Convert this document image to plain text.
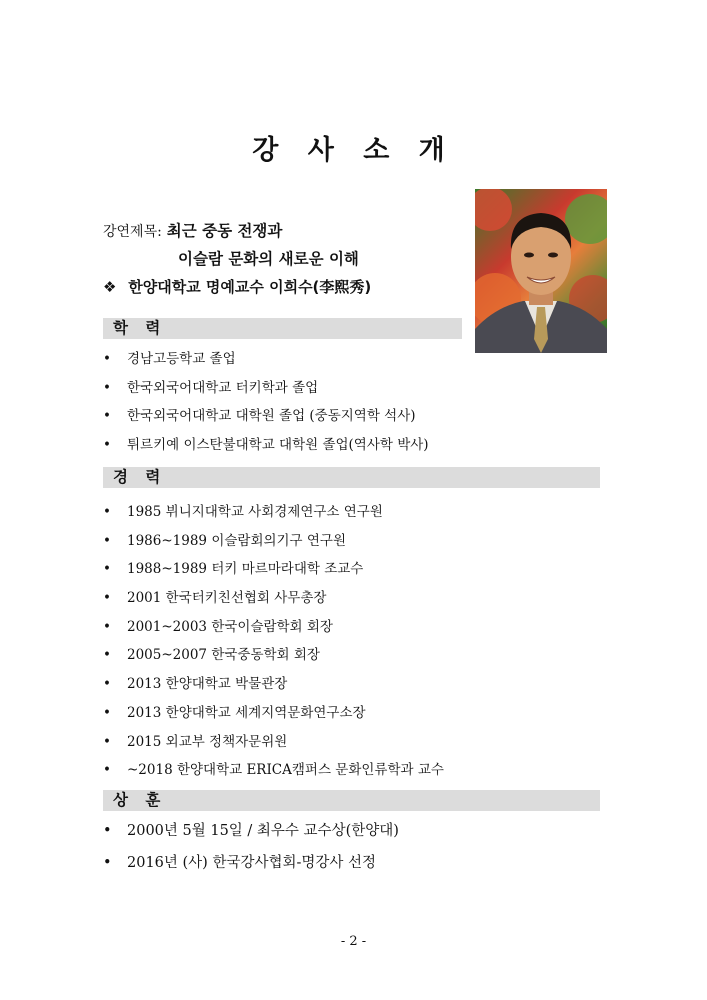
강 사 소 개
강연제목: 최근 중동 전쟁과
이슬람 문화의 새로운 이해
❖ 한양대학교 명예교수 이희수(李熙秀)
학 력
• 경남고등학교 졸업
• 한국외국어대학교 터키학과 졸업
• 한국외국어대학교 대학원 졸업 (중동지역학 석사)
• 튀르키예 이스탄불대학교 대학원 졸업(역사학 박사)
경 력
• 1985 뷔니지대학교 사회경제연구소 연구원
• 1986~1989 이슬람회의기구 연구원
• 1988~1989 터키 마르마라대학 조교수
• 2001 한국터키친선협회 사무총장
• 2001~2003 한국이슬람학회 회장
• 2005~2007 한국중동학회 회장
• 2013 한양대학교 박물관장
• 2013 한양대학교 세계지역문화연구소장
• 2015 외교부 정책자문위원
• ~2018 한양대학교 ERICA캠퍼스 문화인류학과 교수
상 훈
• 2000년 5월 15일 / 최우수 교수상(한양대)
• 2016년 (사) 한국강사협회-명강사 선정
- 2 -
